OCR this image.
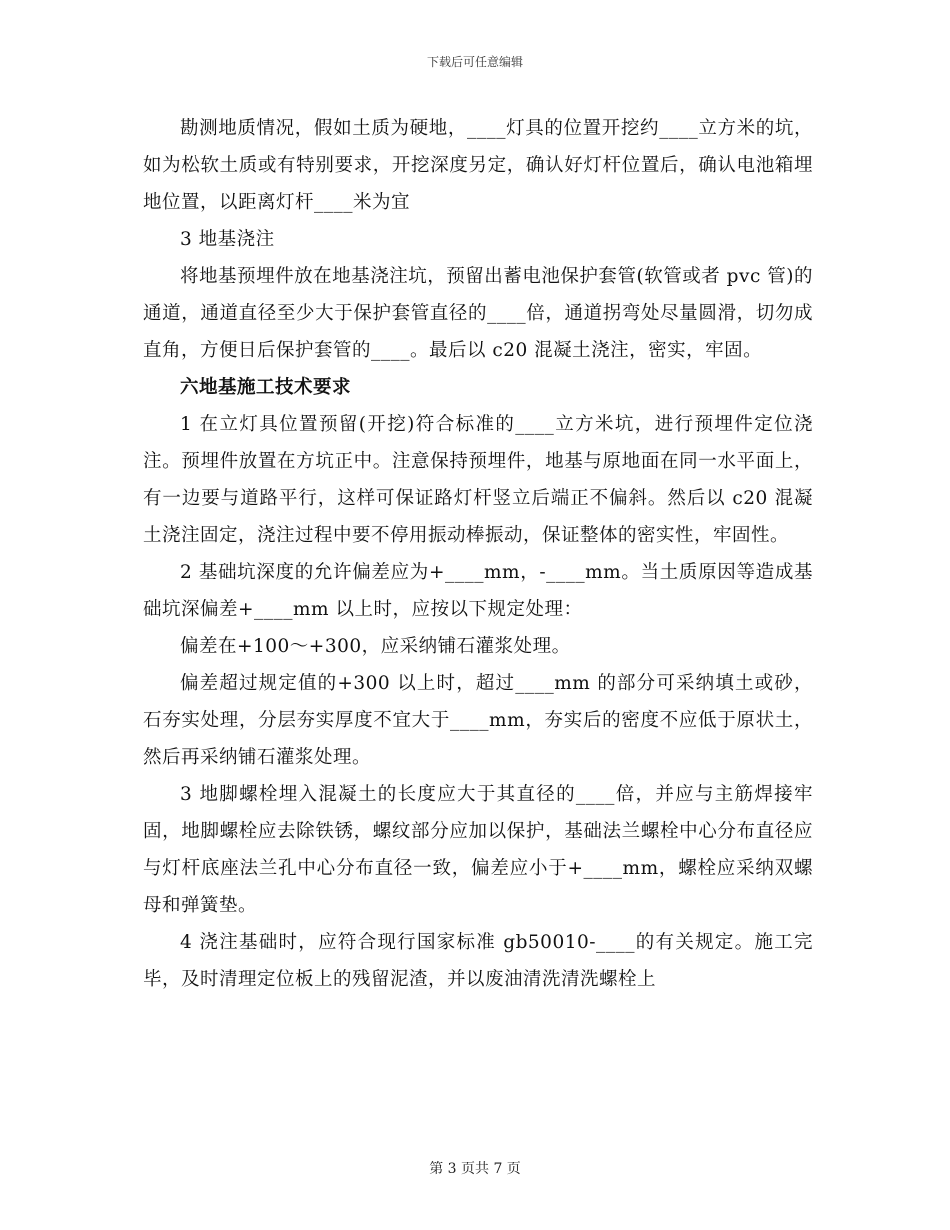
下载后可任意编辑

勘测地质情况，假如土质为硬地，____灯具的位置开挖约____立方米的坑，如为松软土质或有特别要求，开挖深度另定，确认好灯杆位置后，确认电池箱埋地位置，以距离灯杆____米为宜

3 地基浇注

将地基预埋件放在地基浇注坑，预留出蓄电池保护套管(软管或者 pvc 管)的通道，通道直径至少大于保护套管直径的____倍，通道拐弯处尽量圆滑，切勿成直角，方便日后保护套管的____。最后以 c20 混凝土浇注，密实，牢固。

六地基施工技术要求

1 在立灯具位置预留(开挖)符合标准的____立方米坑，进行预埋件定位浇注。预埋件放置在方坑正中。注意保持预埋件，地基与原地面在同一水平面上，有一边要与道路平行，这样可保证路灯杆竖立后端正不偏斜。然后以 c20 混凝土浇注固定，浇注过程中要不停用振动棒振动，保证整体的密实性，牢固性。

2 基础坑深度的允许偏差应为+____mm，-____mm。当土质原因等造成基础坑深偏差+____mm 以上时，应按以下规定处理：

偏差在+100～+300，应采纳铺石灌浆处理。

偏差超过规定值的+300 以上时，超过____mm 的部分可采纳填土或砂，石夯实处理，分层夯实厚度不宜大于____mm，夯实后的密度不应低于原状土，然后再采纳铺石灌浆处理。

3 地脚螺栓埋入混凝土的长度应大于其直径的____倍，并应与主筋焊接牢固，地脚螺栓应去除铁锈，螺纹部分应加以保护，基础法兰螺栓中心分布直径应与灯杆底座法兰孔中心分布直径一致，偏差应小于+____mm，螺栓应采纳双螺母和弹簧垫。

4 浇注基础时，应符合现行国家标准 gb50010-____的有关规定。施工完毕，及时清理定位板上的残留泥渣，并以废油清洗清洗螺栓上

第 3 页共 7 页
